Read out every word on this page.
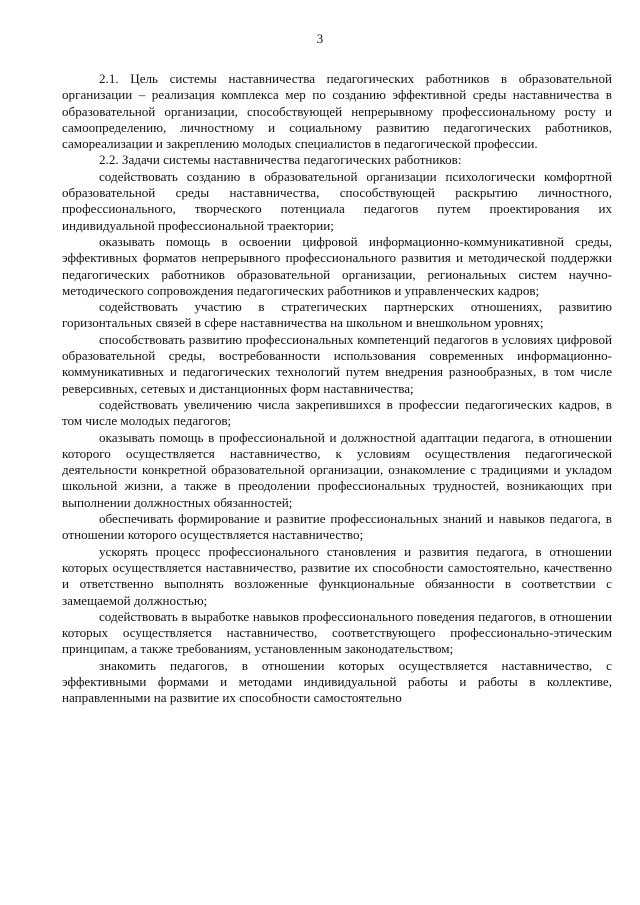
3

2.1. Цель системы наставничества педагогических работников в образовательной организации – реализация комплекса мер по созданию эффективной среды наставничества в образовательной организации, способствующей непрерывному профессиональному росту и самоопределению, личностному и социальному развитию педагогических работников, самореализации и закреплению молодых специалистов в педагогической профессии.

2.2. Задачи системы наставничества педагогических работников:

содействовать созданию в образовательной организации психологически комфортной образовательной среды наставничества, способствующей раскрытию личностного, профессионального, творческого потенциала педагогов путем проектирования их индивидуальной профессиональной траектории;

оказывать помощь в освоении цифровой информационно-коммуникативной среды, эффективных форматов непрерывного профессионального развития и методической поддержки педагогических работников образовательной организации, региональных систем научно-методического сопровождения педагогических работников и управленческих кадров;

содействовать участию в стратегических партнерских отношениях, развитию горизонтальных связей в сфере наставничества на школьном и внешкольном уровнях;

способствовать развитию профессиональных компетенций педагогов в условиях цифровой образовательной среды, востребованности использования современных информационно-коммуникативных и педагогических технологий путем внедрения разнообразных, в том числе реверсивных, сетевых и дистанционных форм наставничества;

содействовать увеличению числа закрепившихся в профессии педагогических кадров, в том числе молодых педагогов;

оказывать помощь в профессиональной и должностной адаптации педагога, в отношении которого осуществляется наставничество, к условиям осуществления педагогической деятельности конкретной образовательной организации, ознакомление с традициями и укладом школьной жизни, а также в преодолении профессиональных трудностей, возникающих при выполнении должностных обязанностей;

обеспечивать формирование и развитие профессиональных знаний и навыков педагога, в отношении которого осуществляется наставничество;

ускорять процесс профессионального становления и развития педагога, в отношении которых осуществляется наставничество, развитие их способности самостоятельно, качественно и ответственно выполнять возложенные функциональные обязанности в соответствии с замещаемой должностью;

содействовать в выработке навыков профессионального поведения педагогов, в отношении которых осуществляется наставничество, соответствующего профессионально-этическим принципам, а также требованиям, установленным законодательством;

знакомить педагогов, в отношении которых осуществляется наставничество, с эффективными формами и методами индивидуальной работы и работы в коллективе, направленными на развитие их способности самостоятельно
